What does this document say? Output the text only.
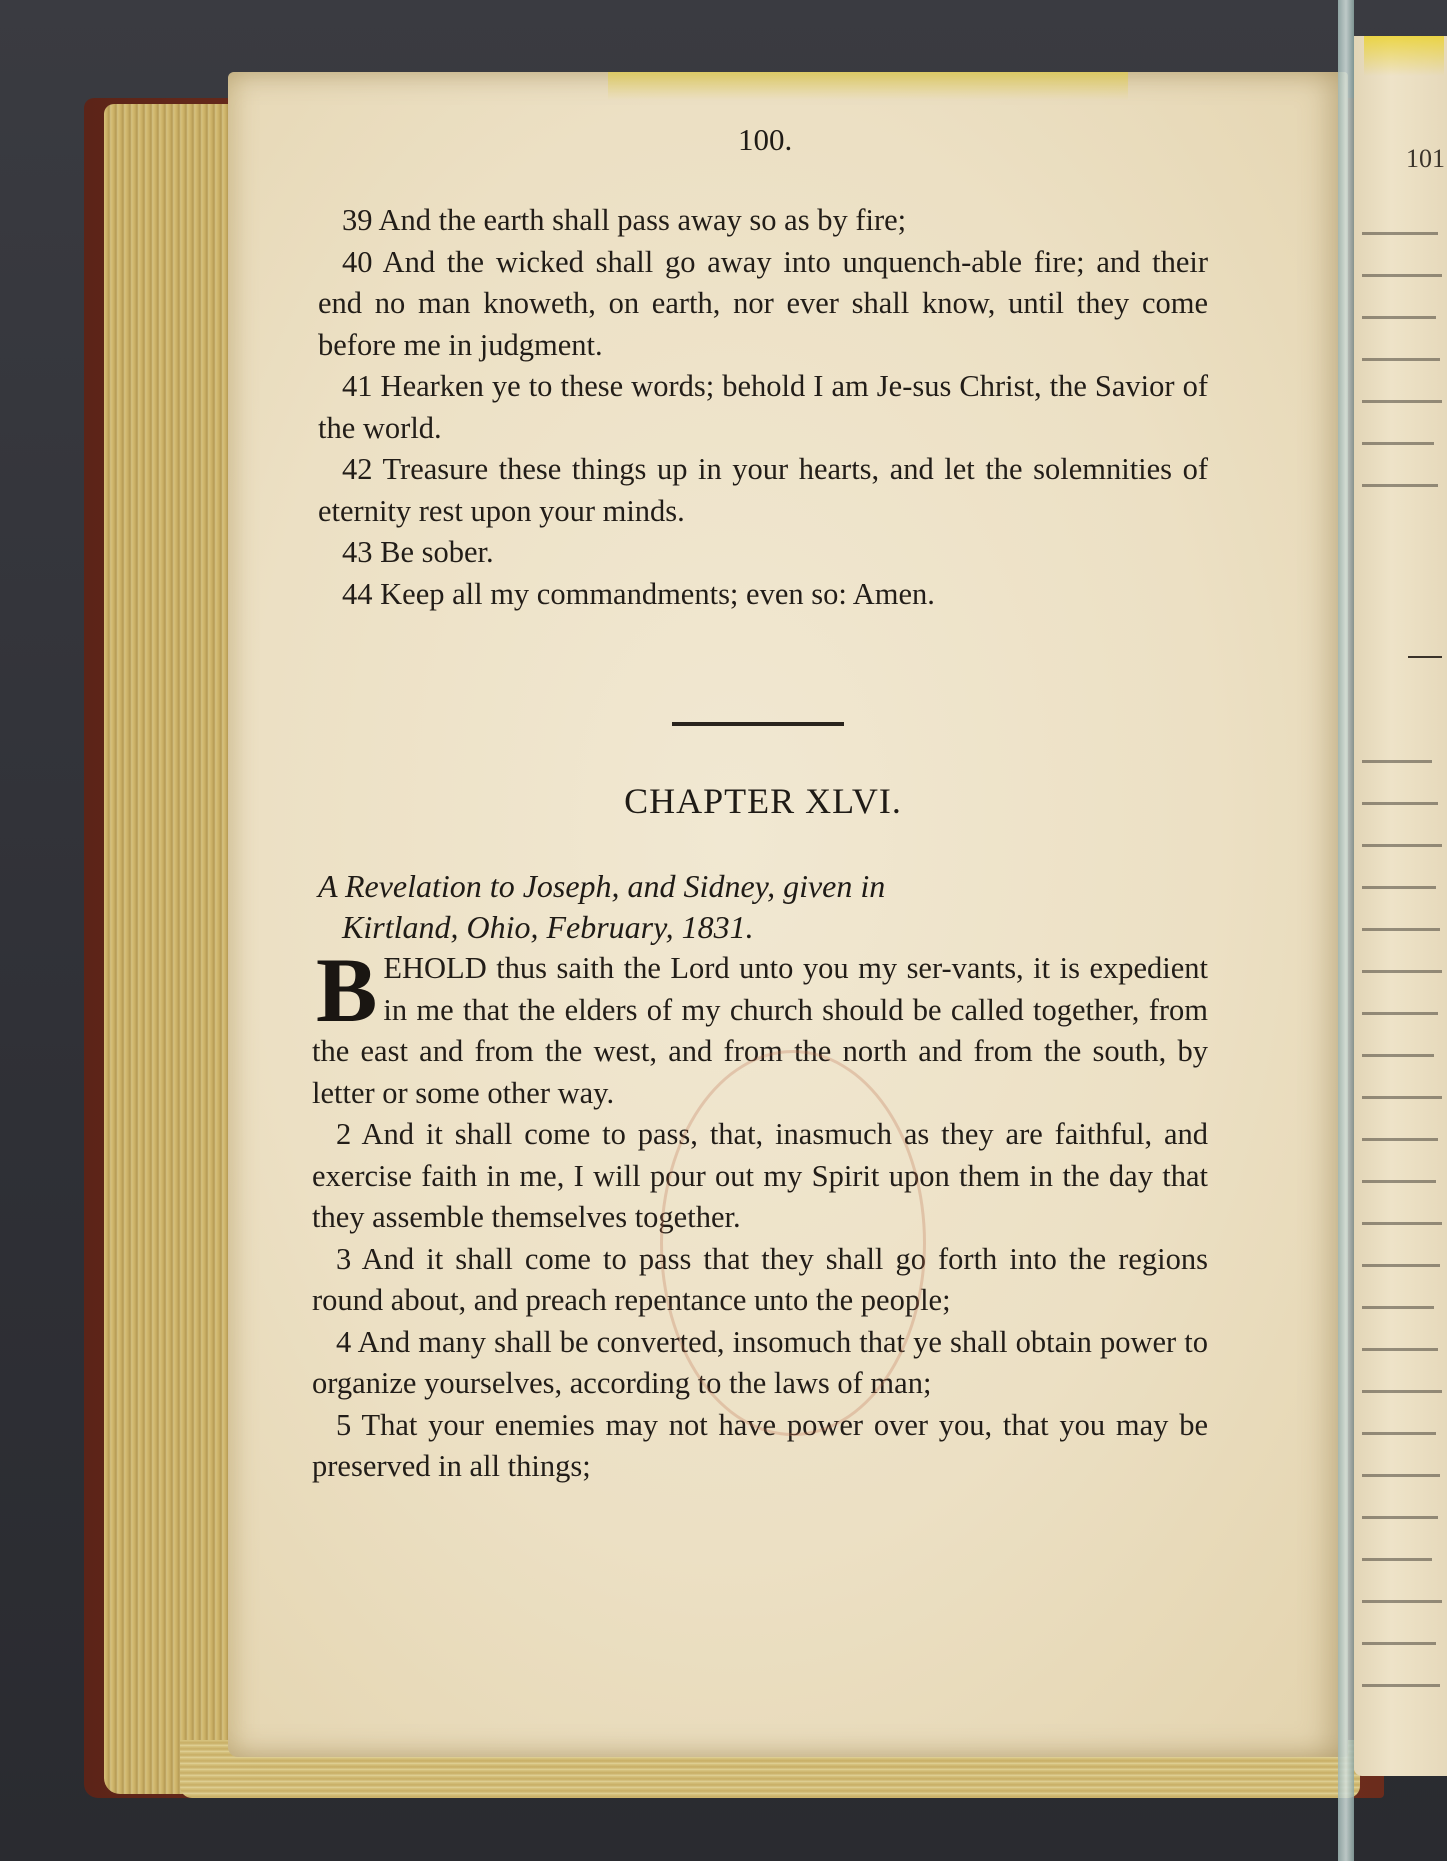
101
100.

39 And the earth shall pass away so as by fire;

40 And the wicked shall go away into unquench-able fire; and their end no man knoweth, on earth, nor ever shall know, until they come before me in judgment.

41 Hearken ye to these words; behold I am Je-sus Christ, the Savior of the world.

42 Treasure these things up in your hearts, and let the solemnities of eternity rest upon your minds.

43 Be sober.

44 Keep all my commandments; even so: Amen.

CHAPTER XLVI.
A Revelation to Joseph, and Sidney, given in
Kirtland, Ohio, February, 1831.

BEHOLD thus saith the Lord unto you my ser-vants, it is expedient in me that the elders of my church should be called together, from the east and from the west, and from the north and from the south, by letter or some other way.

2 And it shall come to pass, that, inasmuch as they are faithful, and exercise faith in me, I will pour out my Spirit upon them in the day that they assemble themselves together.

3 And it shall come to pass that they shall go forth into the regions round about, and preach repentance unto the people;

4 And many shall be converted, insomuch that ye shall obtain power to organize yourselves, according to the laws of man;

5 That your enemies may not have power over you, that you may be preserved in all things;
